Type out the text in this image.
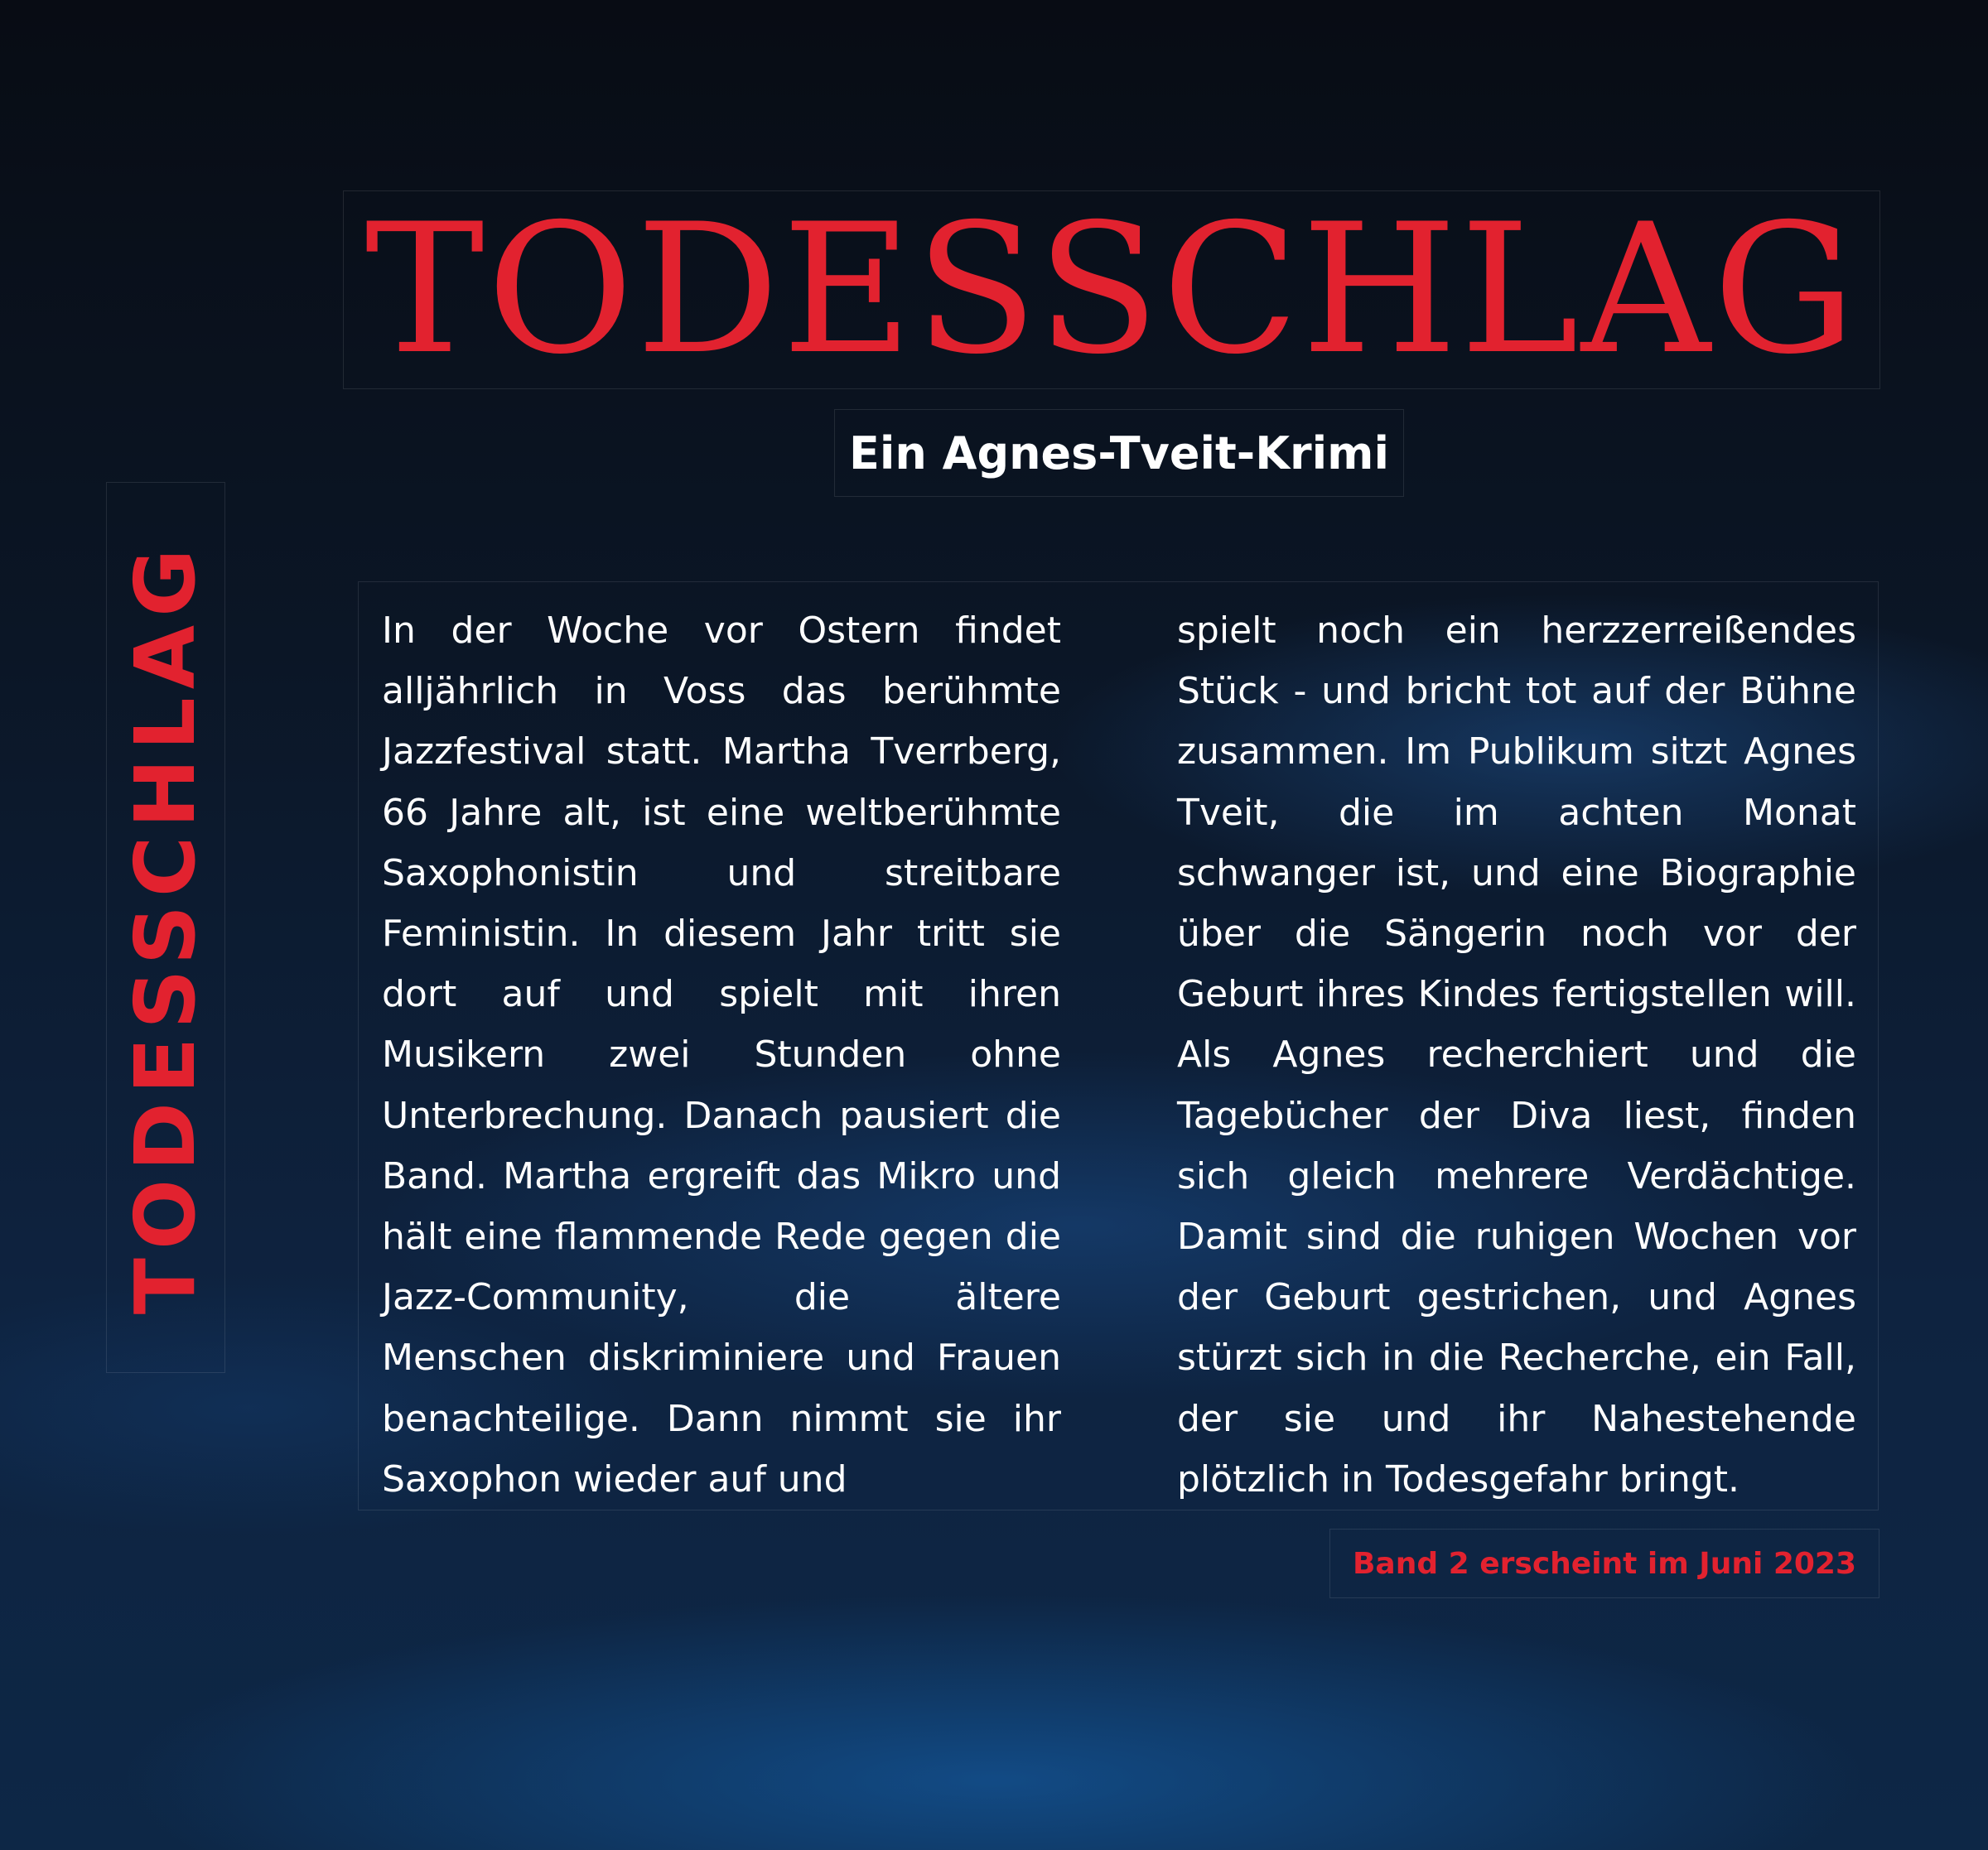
TODESSCHLAG
Ein Agnes-Tveit-Krimi
TODESSCHLAG	In der Woche vor Ostern findet alljährlich in Voss das berühmte Jazzfestival statt. Martha Tverrberg, 66 Jahre alt, ist eine weltberühmte Saxophonistin und streitbare Feministin. In diesem Jahr tritt sie dort auf und spielt mit ihren Musikern zwei Stunden ohne Unterbrechung. Danach pausiert die Band. Martha ergreift das Mikro und hält eine flammende Rede gegen die Jazz-Community, die ältere Menschen diskriminiere und Frauen benachteilige. Dann nimmt sie ihr Saxophon wieder auf und
spielt noch ein herzzerreißendes Stück - und bricht tot auf der Bühne zusammen. Im Publikum sitzt Agnes Tveit, die im achten Monat schwanger ist, und eine Biographie über die Sängerin noch vor der Geburt ihres Kindes fertigstellen will. Als Agnes recherchiert und die Tagebücher der Diva liest, finden sich gleich mehrere Verdächtige. Damit sind die ruhigen Wochen vor der Geburt gestrichen, und Agnes stürzt sich in die Recherche, ein Fall, der sie und ihr Nahestehende plötzlich in Todesgefahr bringt.
Band 2 erscheint im Juni 2023
